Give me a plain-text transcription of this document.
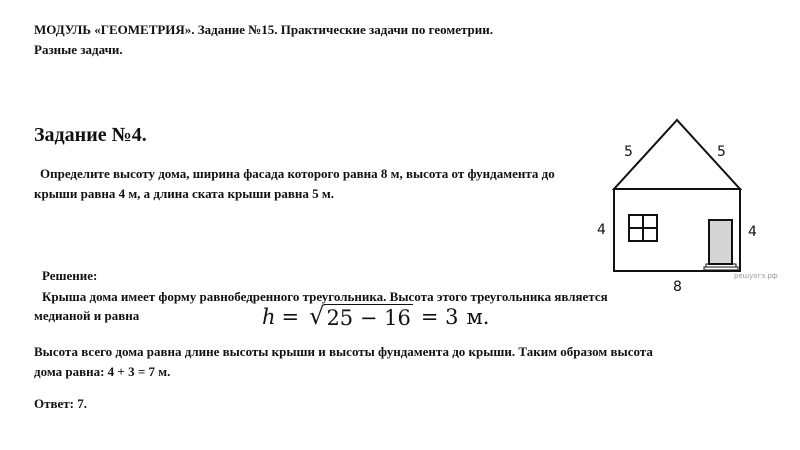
МОДУЛЬ «ГЕОМЕТРИЯ». Задание №15. Практические задачи по геометрии.
Разные задачи.
Задание №4.
Определите высоту дома, ширина фасада которого равна 8 м, высота от фундамента до крыши равна 4 м, а длина ската крыши равна 5 м.
Решение:
Крыша дома имеет форму равнобедренного треугольника. Высота этого треугольника является медианой и равна	h = √ 25 − 16 = 3 м.
Высота всего дома равна длине высоты крыши и высоты фундамента до крыши. Таким образом высота дома равна: 4 + 3 = 7 м.
Ответ: 7.
5	5
4	4
8
решуогэ.рф
